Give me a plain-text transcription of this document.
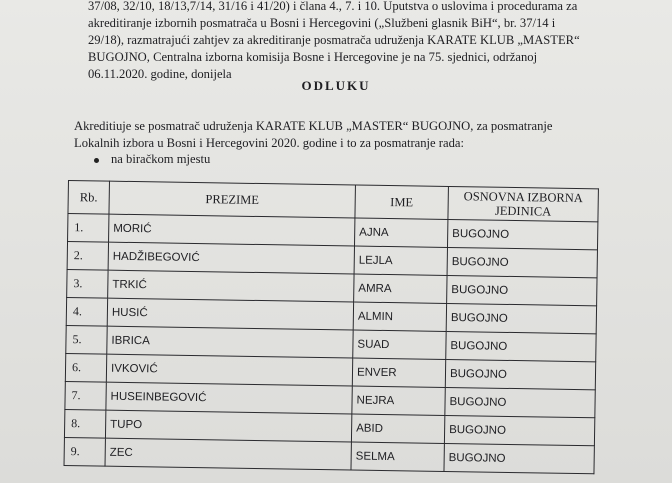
37/08, 32/10, 18/13,7/14, 31/16 i 41/20) i člana 4., 7. i 10. Uputstva o uslovima i procedurama za
akreditiranje izbornih posmatrača u Bosni i Hercegovini („Službeni glasnik BiH“, br. 37/14 i
29/18), razmatrajući zahtjev za akreditiranje posmatrača udruženja KARATE KLUB „MASTER“
BUGOJNO, Centralna izborna komisija Bosne i Hercegovine je na 75. sjednici, održanoj
06.11.2020. godine, donijela
ODLUKU
Akreditiuje se posmatrač udruženja KARATE KLUB „MASTER“ BUGOJNO, za posmatranje
Lokalnih izbora u Bosni i Hercegovini 2020. godine i to za posmatranje rada:
na biračkom mjestu
Rb.	PREZIME	IME	OSNOVNA IZBORNA JEDINICA
1.	MORIĆ	AJNA	BUGOJNO
2.	HADŽIBEGOVIĆ	LEJLA	BUGOJNO
3.	TRKIĆ	AMRA	BUGOJNO
4.	HUSIĆ	ALMIN	BUGOJNO
5.	IBRICA	SUAD	BUGOJNO
6.	IVKOVIĆ	ENVER	BUGOJNO
7.	HUSEINBEGOVIĆ	NEJRA	BUGOJNO
8.	TUPO	ABID	BUGOJNO
9.	ZEC	SELMA	BUGOJNO
